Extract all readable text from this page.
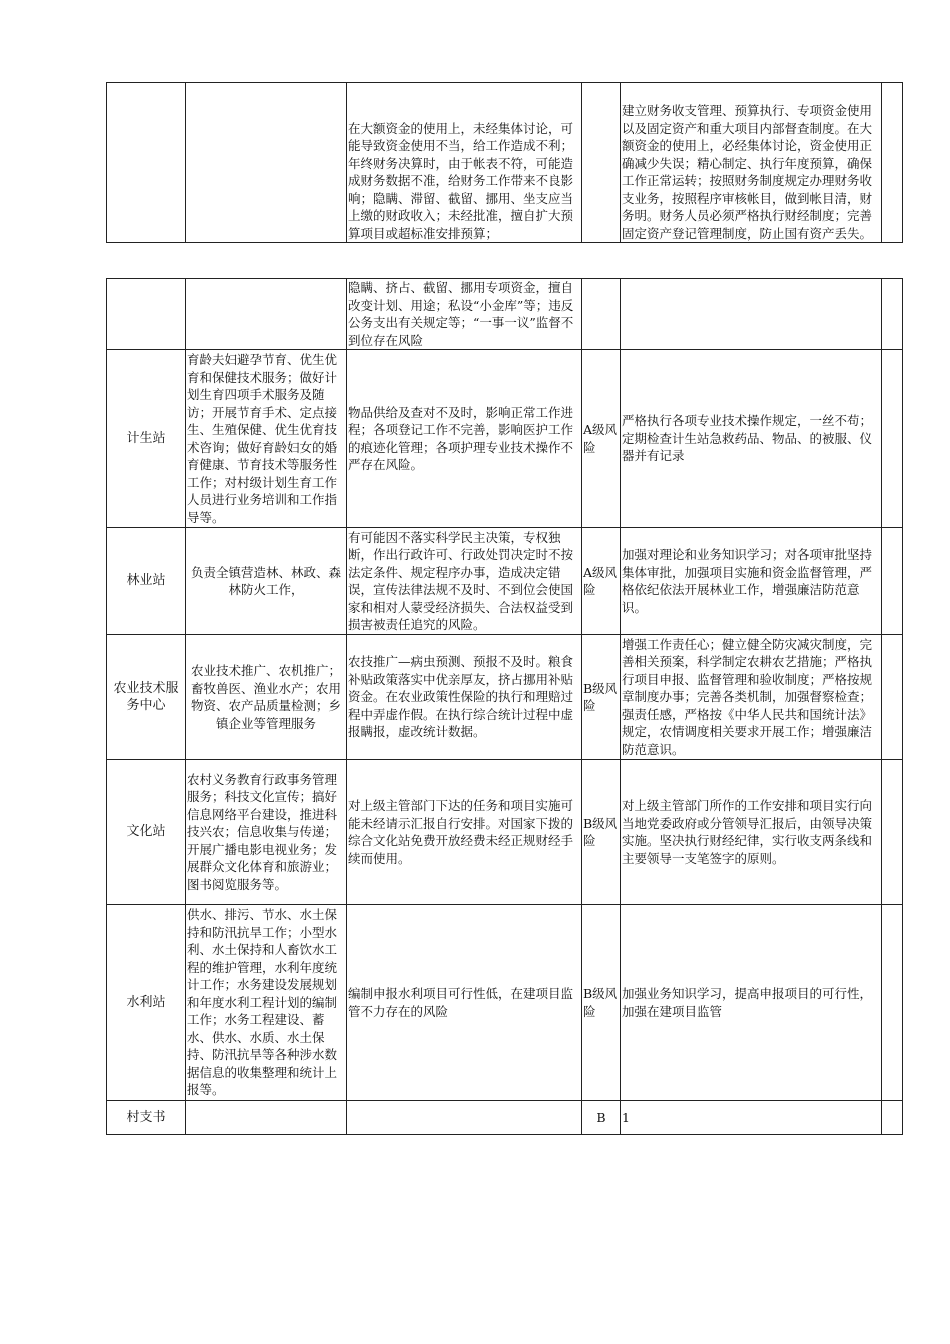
		在大额资金的使用上，未经集体讨论，可能导致资金使用不当，给工作造成不利；年终财务决算时，由于帐表不符，可能造成财务数据不准，给财务工作带来不良影响；隐瞒、滞留、截留、挪用、坐支应当上缴的财政收入；未经批准，擅自扩大预算项目或超标准安排预算；		建立财务收支管理、预算执行、专项资金使用以及固定资产和重大项目内部督查制度。在大额资金的使用上，必经集体讨论，资金使用正确减少失误；精心制定、执行年度预算，确保工作正常运转；按照财务制度规定办理财务收支业务，按照程序审核帐目，做到帐目清，财务明。财务人员必须严格执行财经制度；完善固定资产登记管理制度，防止国有资产丢失。	
		隐瞒、挤占、截留、挪用专项资金，擅自改变计划、用途；私设“小金库”等；违反公务支出有关规定等；“一事一议”监督不到位存在风险			
计生站	育龄夫妇避孕节育、优生优育和保健技术服务；做好计划生育四项手术服务及随访；开展节育手术、定点接生、生殖保健、优生优育技术咨询；做好育龄妇女的婚育健康、节育技术等服务性工作；对村级计划生育工作人员进行业务培训和工作指导等。	物品供给及查对不及时，影响正常工作进程；各项登记工作不完善，影响医护工作的痕迹化管理；各项护理专业技术操作不严存在风险。	A级风险	严格执行各项专业技术操作规定，一丝不苟；定期检查计生站急救药品、物品、的被服、仪器并有记录	
林业站	负责全镇营造林、林政、森林防火工作，	有可能因不落实科学民主决策，专权独断，作出行政许可、行政处罚决定时不按法定条件、规定程序办事，造成决定错误，宣传法律法规不及时、不到位会使国家和相对人蒙受经济损失、合法权益受到损害被责任追究的风险。	A级风险	加强对理论和业务知识学习；对各项审批坚持集体审批，加强项目实施和资金监督管理，严格依纪依法开展林业工作，增强廉洁防范意识。	
农业技术服务中心	农业技术推广、农机推广；畜牧兽医、渔业水产；农用物资、农产品质量检测；乡镇企业等管理服务	农技推广—病虫预测、预报不及时。粮食补贴政策落实中优亲厚友，挤占挪用补贴资金。在农业政策性保险的执行和理赔过程中弄虚作假。在执行综合统计过程中虚报瞒报，虚改统计数据。	B级风险	增强工作责任心；健立健全防灾减灾制度，完善相关预案，科学制定农耕农艺措施；严格执行项目申报、监督管理和验收制度；严格按规章制度办事；完善各类机制，加强督察检查；强责任感，严格按《中华人民共和国统计法》规定，农情调度相关要求开展工作；增强廉洁防范意识。	
文化站	农村义务教育行政事务管理服务；科技文化宣传；搞好信息网络平台建设，推进科技兴农；信息收集与传递；开展广播电影电视业务；发展群众文化体育和旅游业；图书阅览服务等。	对上级主管部门下达的任务和项目实施可能未经请示汇报自行安排。对国家下拨的综合文化站免费开放经费未经正规财经手续而使用。	B级风险	对上级主管部门所作的工作安排和项目实行向当地党委政府或分管领导汇报后，由领导决策实施。坚决执行财经纪律，实行收支两条线和主要领导一支笔签字的原则。	
水利站	供水、排污、节水、水土保持和防汛抗旱工作；小型水利、水土保持和人畜饮水工程的维护管理，水利年度统计工作；水务建设发展规划和年度水利工程计划的编制工作；水务工程建设、蓄水、供水、水质、水土保持、防汛抗旱等各种涉水数据信息的收集整理和统计上报等。	编制申报水利项目可行性低，在建项目监管不力存在的风险	B级风险	加强业务知识学习，提高申报项目的可行性，加强在建项目监管	
村支书			B	1	
